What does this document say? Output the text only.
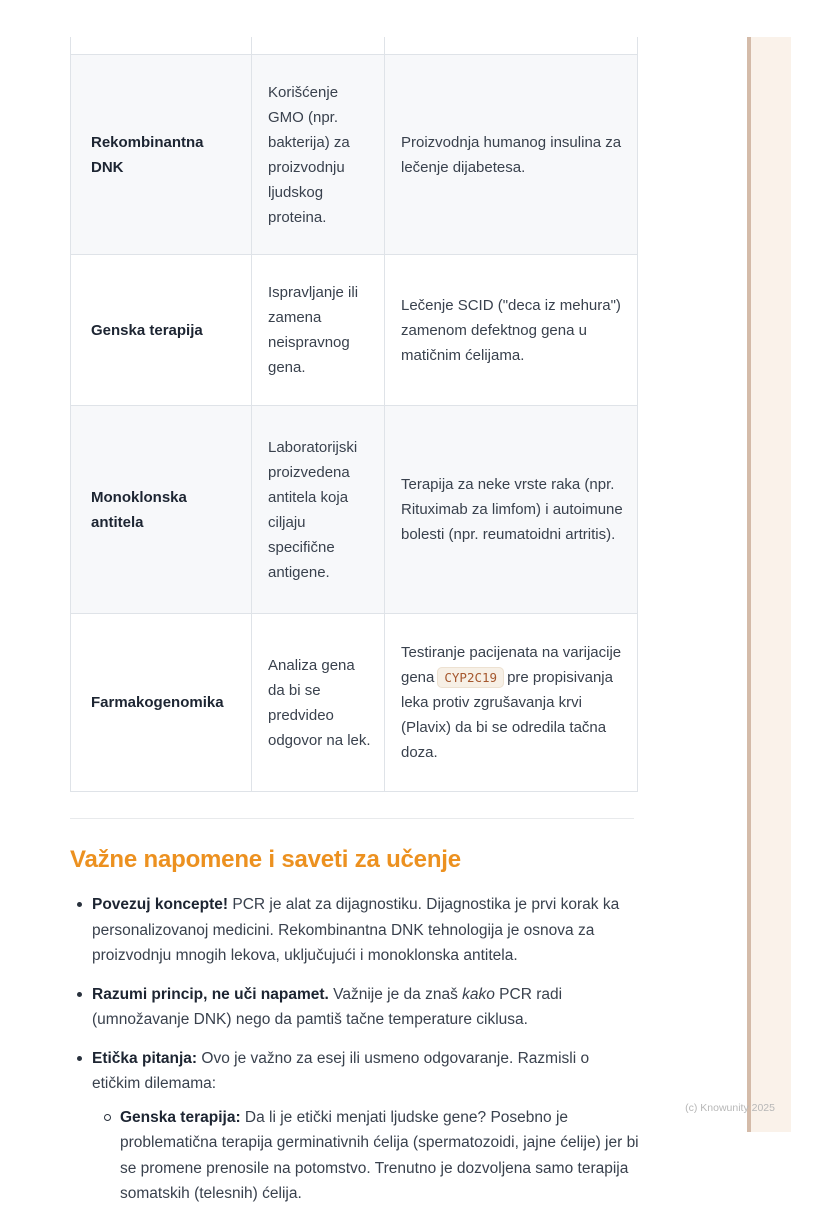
Rekombinantna DNK	Korišćenje GMO (npr. bakterija) za proizvodnju ljudskog proteina.	Proizvodnja humanog insulina za lečenje dijabetesa.
Genska terapija	Ispravljanje ili zamena neispravnog gena.	Lečenje SCID ("deca iz mehura") zamenom defektnog gena u matičnim ćelijama.
Monoklonska antitela	Laboratorijski proizvedena antitela koja ciljaju specifične antigene.	Terapija za neke vrste raka (npr. Rituximab za limfom) i autoimune bolesti (npr. reumatoidni artritis).
Farmakogenomika	Analiza gena da bi se predvideo odgovor na lek.	Testiranje pacijenata na varijacije gena CYP2C19 pre propisivanja leka protiv zgrušavanja krvi (Plavix) da bi se odredila tačna doza.
Važne napomene i saveti za učenje
Povezuj koncepte! PCR je alat za dijagnostiku. Dijagnostika je prvi korak ka personalizovanoj medicini. Rekombinantna DNK tehnologija je osnova za proizvodnju mnogih lekova, uključujući i monoklonska antitela.
Razumi princip, ne uči napamet. Važnije je da znaš kako PCR radi (umnožavanje DNK) nego da pamtiš tačne temperature ciklusa.
Etička pitanja: Ovo je važno za esej ili usmeno odgovaranje. Razmisli o etičkim dilemama:
Genska terapija: Da li je etički menjati ljudske gene? Posebno je problematična terapija germinativnih ćelija (spermatozoidi, jajne ćelije) jer bi se promene prenosile na potomstvo. Trenutno je dozvoljena samo terapija somatskih (telesnih) ćelija.
(c) Knowunity 2025
